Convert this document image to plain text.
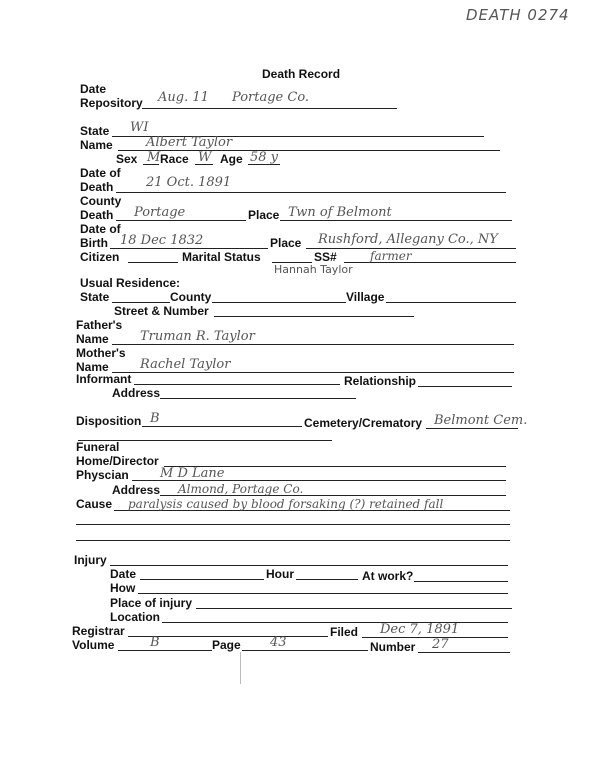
DEATH 0274
Death Record
Date
Repository Aug. 11 Portage Co.
State WI
Name	Albert Taylor
Sex M Race W Age 58 y
Date of
Death	21 Oct. 1891
County
Death Portage	Place Twn of Belmont
Date of
Birth 18 Dec 1832	Place Rushford, Allegany Co., NY
Citizen	Marital Status	SS#	farmer
Hannah Taylor
Usual Residence:
State	County	Village
Street & Number
Father's
Name Truman R. Taylor
Mother's
Name Rachel Taylor
Informant	Relationship
Address
Disposition B	Cemetery/Crematory Belmont Cem.
Funeral
Home/Director
Physcian M D Lane
Address Almond, Portage Co.
Cause paralysis caused by blood forsaking (?) retained fall
Injury
Date	Hour	At work?
How
Place of injury
Location
Registrar	Filed Dec 7, 1891
Volume	B	Page 43	Number 27
